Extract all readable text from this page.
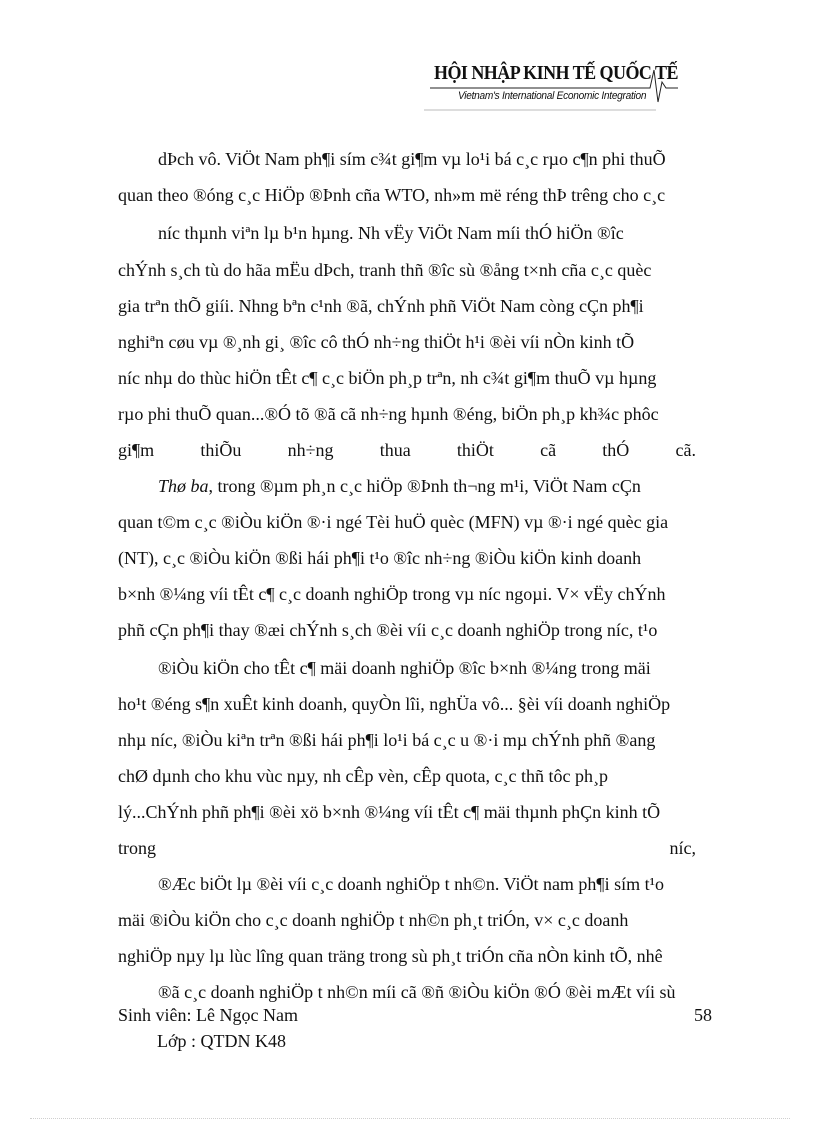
HỘI NHẬP KINH TẾ QUỐC TẾ
Vietnam's International Economic Integration
dÞch vô. ViÖt Nam ph¶i sím c¾t gi¶m vµ lo¹i bá c¸c rµo c¶n phi thuÕ
quan theo ®óng c¸c HiÖp ®Þnh cña WTO, nh»m më réng thÞ trêng cho c¸c
níc thµnh viªn lµ b¹n hµng. Nh vËy ViÖt Nam míi thÓ hiÖn ®îc
chÝnh s¸ch tù do hãa mËu dÞch, tranh thñ ®îc sù ®ång t×nh cña c¸c quèc
gia trªn thÕ giíi. Nhng bªn c¹nh ®ã, chÝnh phñ ViÖt Nam còng cÇn ph¶i
nghiªn cøu vµ ®¸nh gi¸ ®îc cô thÓ nh÷ng thiÖt h¹i ®èi víi nÒn kinh tÕ
níc nhµ do thùc hiÖn tÊt c¶ c¸c biÖn ph¸p trªn, nh c¾t gi¶m thuÕ vµ hµng
rµo phi thuÕ quan...®Ó tõ ®ã cã nh÷ng hµnh ®éng, biÖn ph¸p kh¾c phôc
gi¶m	thiÕu	nh÷ng	thua	thiÖt	cã	thÓ	cã.
Thø ba, trong ®µm ph¸n c¸c hiÖp ®Þnh th¬ng m¹i, ViÖt Nam cÇn
quan t©m c¸c ®iÒu kiÖn ®·i ngé Tèi huÖ quèc (MFN) vµ ®·i ngé quèc gia
(NT), c¸c ®iÒu kiÖn ®ßi hái ph¶i t¹o ®îc nh÷ng ®iÒu kiÖn kinh doanh
b×nh ®¼ng víi tÊt c¶ c¸c doanh nghiÖp trong vµ níc ngoµi. V× vËy chÝnh
phñ cÇn ph¶i thay ®æi chÝnh s¸ch ®èi víi c¸c doanh nghiÖp trong níc, t¹o
®iÒu kiÖn cho tÊt c¶ mäi doanh nghiÖp ®îc b×nh ®¼ng trong mäi
ho¹t ®éng s¶n xuÊt kinh doanh, quyÒn lîi, nghÜa vô... §èi víi doanh nghiÖp
nhµ níc, ®iÒu kiªn trªn ®ßi hái ph¶i lo¹i bá c¸c u ®·i mµ chÝnh phñ ®ang
chØ dµnh cho khu vùc nµy, nh cÊp vèn, cÊp quota, c¸c thñ tôc ph¸p
lý...ChÝnh phñ ph¶i ®èi xö b×nh ®¼ng víi tÊt c¶ mäi thµnh phÇn kinh tÕ
trong	níc,
®Æc biÖt lµ ®èi víi c¸c doanh nghiÖp t nh©n. ViÖt nam ph¶i sím t¹o
mäi ®iÒu kiÖn cho c¸c doanh nghiÖp t nh©n ph¸t triÓn, v× c¸c doanh
nghiÖp nµy lµ lùc lîng quan träng trong sù ph¸t triÓn cña nÒn kinh tÕ, nhê
®ã c¸c doanh nghiÖp t nh©n míi cã ®ñ ®iÒu kiÖn ®Ó ®èi mÆt víi sù
Sinh viên: Lê Ngọc Nam
Lớp : QTDN K48
58
